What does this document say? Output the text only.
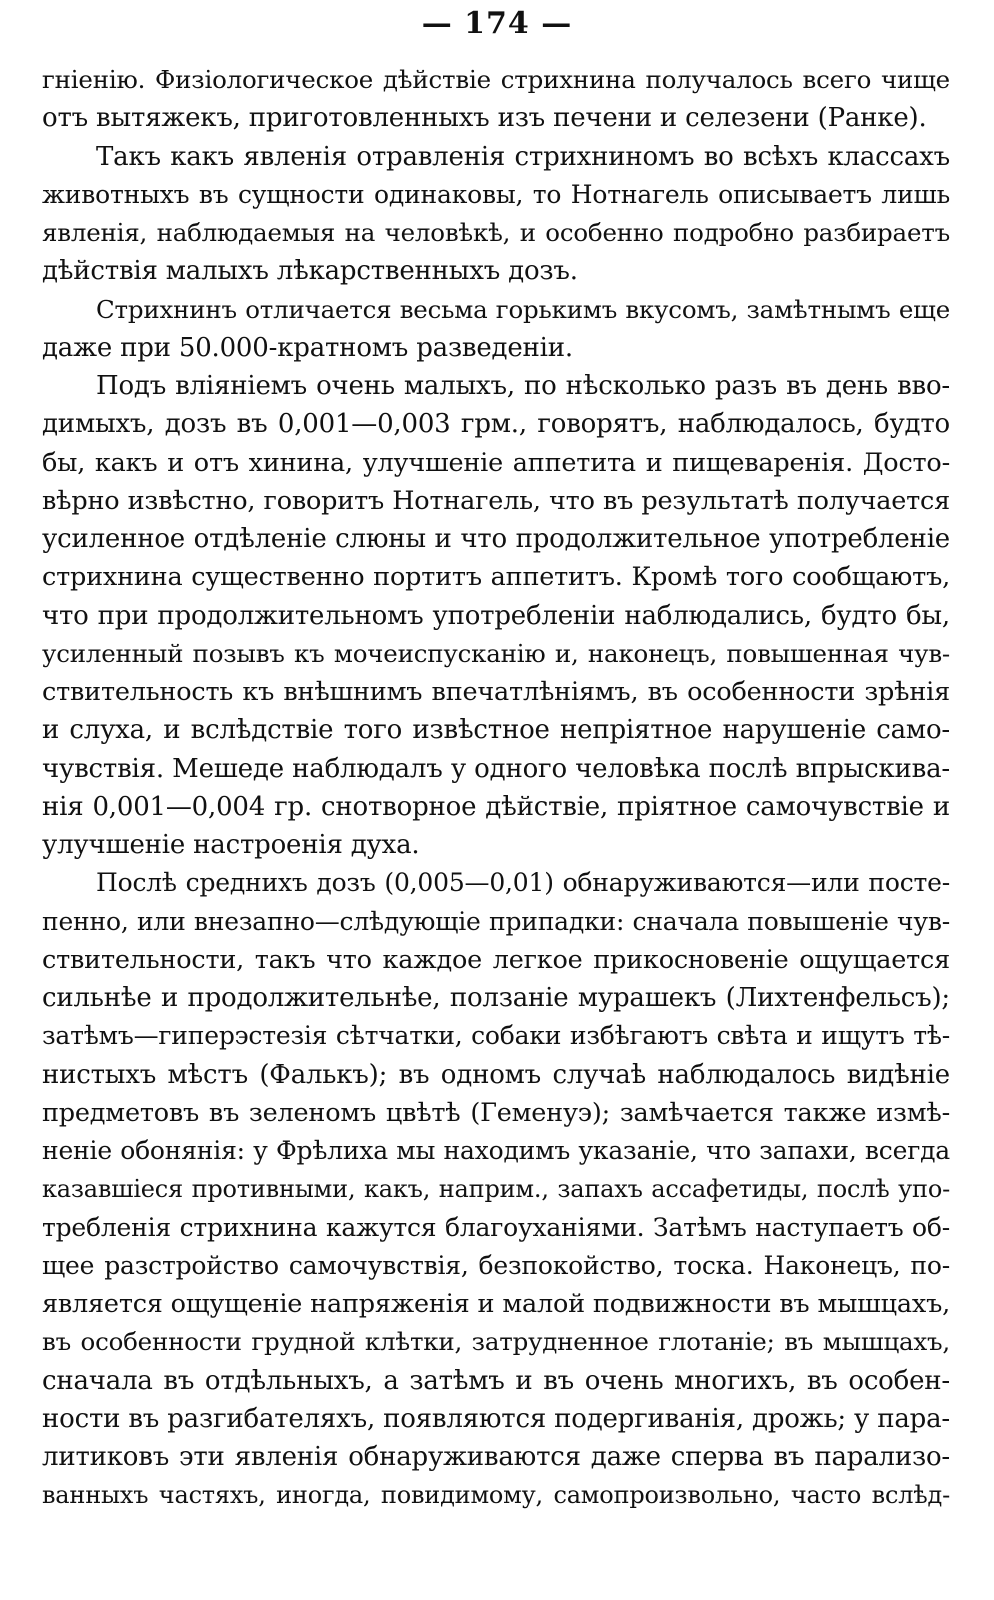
— 174 —
гніенію. Физіологическое дѣйствіе стрихнина получалось всего чище
отъ вытяжекъ, приготовленныхъ изъ печени и селезени (Ранке).
Такъ какъ явленія отравленія стрихниномъ во всѣхъ классахъ
животныхъ въ сущности одинаковы, то Нотнагель описываетъ лишь
явленія, наблюдаемыя на человѣкѣ, и особенно подробно разбираетъ
дѣйствія малыхъ лѣкарственныхъ дозъ.
Стрихнинъ отличается весьма горькимъ вкусомъ, замѣтнымъ еще
даже при 50.000-кратномъ разведеніи.
Подъ вліяніемъ очень малыхъ, по нѣсколько разъ въ день вво-
димыхъ, дозъ въ 0,001—0,003 грм., говорятъ, наблюдалось, будто
бы, какъ и отъ хинина, улучшеніе аппетита и пищеваренія. Досто-
вѣрно извѣстно, говоритъ Нотнагель, что въ результатѣ получается
усиленное отдѣленіе слюны и что продолжительное употребленіе
стрихнина существенно портитъ аппетитъ. Кромѣ того сообщаютъ,
что при продолжительномъ употребленіи наблюдались, будто бы,
усиленный позывъ къ мочеиспусканію и, наконецъ, повышенная чув-
ствительность къ внѣшнимъ впечатлѣніямъ, въ особенности зрѣнія
и слуха, и вслѣдствіе того извѣстное непріятное нарушеніе само-
чувствія. Мешеде наблюдалъ у одного человѣка послѣ впрыскива-
нія 0,001—0,004 гр. снотворное дѣйствіе, пріятное самочувствіе и
улучшеніе настроенія духа.
Послѣ среднихъ дозъ (0,005—0,01) обнаруживаются—или посте-
пенно, или внезапно—слѣдующіе припадки: сначала повышеніе чув-
ствительности, такъ что каждое легкое прикосновеніе ощущается
сильнѣе и продолжительнѣе, ползаніе мурашекъ (Лихтенфельсъ);
затѣмъ—гиперэстезія сѣтчатки, собаки избѣгаютъ свѣта и ищутъ тѣ-
нистыхъ мѣстъ (Фалькъ); въ одномъ случаѣ наблюдалось видѣніе
предметовъ въ зеленомъ цвѣтѣ (Геменуэ); замѣчается также измѣ-
неніе обонянія: у Фрѣлиха мы находимъ указаніе, что запахи, всегда
казавшіеся противными, какъ, наприм., запахъ ассафетиды, послѣ упо-
требленія стрихнина кажутся благоуханіями. Затѣмъ наступаетъ об-
щее разстройство самочувствія, безпокойство, тоска. Наконецъ, по-
является ощущеніе напряженія и малой подвижности въ мышцахъ,
въ особенности грудной клѣтки, затрудненное глотаніе; въ мышцахъ,
сначала въ отдѣльныхъ, а затѣмъ и въ очень многихъ, въ особен-
ности въ разгибателяхъ, появляются подергиванія, дрожь; у пара-
литиковъ эти явленія обнаруживаются даже сперва въ парализо-
ванныхъ частяхъ, иногда, повидимому, самопроизвольно, часто вслѣд-
